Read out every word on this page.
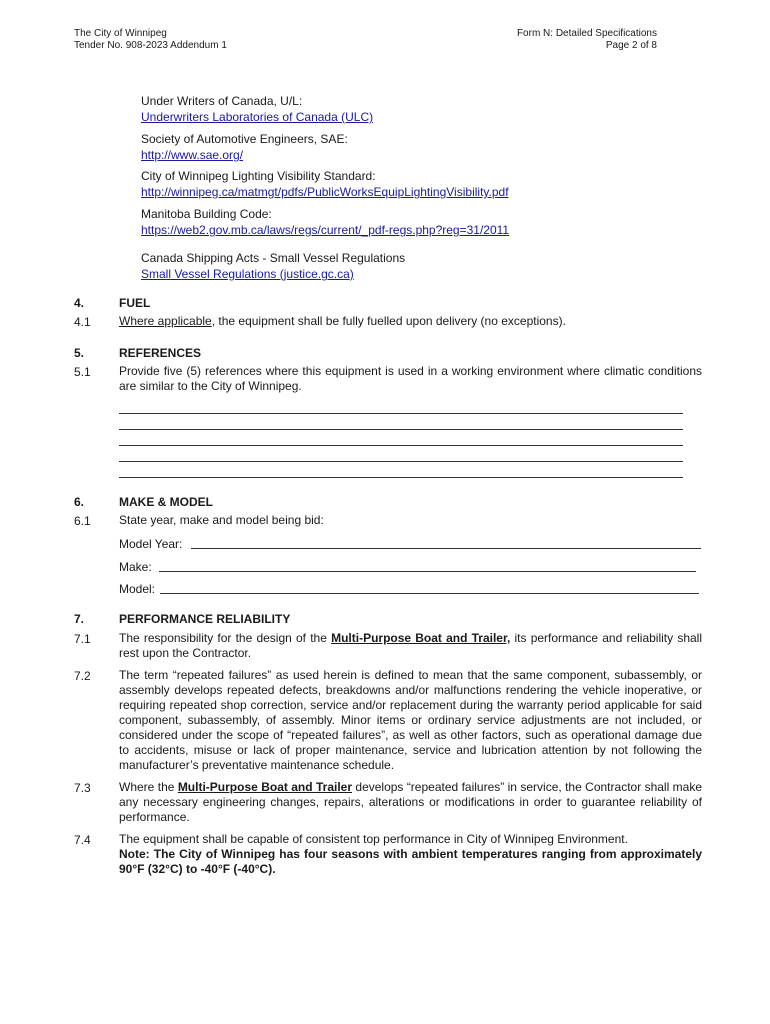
The City of Winnipeg
Tender No. 908-2023 Addendum 1

Form N: Detailed Specifications
Page 2 of 8
Under Writers of Canada, U/L:
Underwriters Laboratories of Canada (ULC)
Society of Automotive Engineers, SAE:
http://www.sae.org/
City of Winnipeg Lighting Visibility Standard:
http://winnipeg.ca/matmgt/pdfs/PublicWorksEquipLightingVisibility.pdf
Manitoba Building Code:
https://web2.gov.mb.ca/laws/regs/current/_pdf-regs.php?reg=31/2011
Canada Shipping Acts - Small Vessel Regulations
Small Vessel Regulations (justice.gc.ca)
4.	FUEL
4.1 Where applicable, the equipment shall be fully fuelled upon delivery (no exceptions).
5.	REFERENCES
5.1 Provide five (5) references where this equipment is used in a working environment where climatic conditions are similar to the City of Winnipeg.
6.	MAKE & MODEL
6.1 State year, make and model being bid:
Model Year:
Make:
Model:
7.	PERFORMANCE RELIABILITY
7.1 The responsibility for the design of the Multi-Purpose Boat and Trailer, its performance and reliability shall rest upon the Contractor.
7.2 The term “repeated failures” as used herein is defined to mean that the same component, subassembly, or assembly develops repeated defects, breakdowns and/or malfunctions rendering the vehicle inoperative, or requiring repeated shop correction, service and/or replacement during the warranty period applicable for said component, subassembly, of assembly. Minor items or ordinary service adjustments are not included, or considered under the scope of “repeated failures”, as well as other factors, such as operational damage due to accidents, misuse or lack of proper maintenance, service and lubrication attention by not following the manufacturer’s preventative maintenance schedule.
7.3 Where the Multi-Purpose Boat and Trailer develops “repeated failures” in service, the Contractor shall make any necessary engineering changes, repairs, alterations or modifications in order to guarantee reliability of performance.
7.4 The equipment shall be capable of consistent top performance in City of Winnipeg Environment.
Note: The City of Winnipeg has four seasons with ambient temperatures ranging from approximately 90°F (32°C) to -40°F (-40°C).
